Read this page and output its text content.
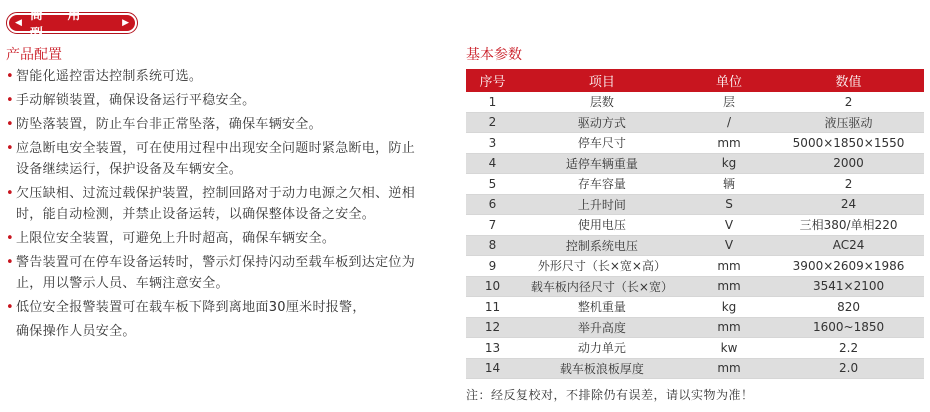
◀ 商 用 型
▶
产品配置
• 智能化遥控雷达控制系统可选。
• 手动解锁装置，确保设备运行平稳安全。
• 防坠落装置，防止车台非正常坠落，确保车辆安全。
• 应急断电安全装置，可在使用过程中出现安全问题时紧急断电，防止设备继续运行，保护设备及车辆安全。
• 欠压缺相、过流过载保护装置，控制回路对于动力电源之欠相、逆相时，能自动检测，并禁止设备运转，以确保整体设备之安全。
• 上限位安全装置，可避免上升时超高，确保车辆安全。
• 警告装置可在停车设备运转时，警示灯保持闪动至载车板到达定位为止，用以警示人员、车辆注意安全。
• 低位安全报警装置可在载车板下降到离地面30厘米时报警，
确保操作人员安全。
基本参数
序号	项目	单位	数值
1	层数	层	2
2	驱动方式	/	液压驱动
3	停车尺寸	mm	5000×1850×1550
4	适停车辆重量	kg	2000
5	存车容量	辆	2
6	上升时间	S	24
7	使用电压	V	三相380/单相220
8	控制系统电压	V	AC24
9	外形尺寸（长×宽×高）	mm	3900×2609×1986
10	载车板内径尺寸（长×宽）	mm	3541×2100
11	整机重量	kg	820
12	举升高度	mm	1600~1850
13	动力单元	kw	2.2
14	载车板浪板厚度	mm	2.0
注：经反复校对，不排除仍有误差，请以实物为准！
